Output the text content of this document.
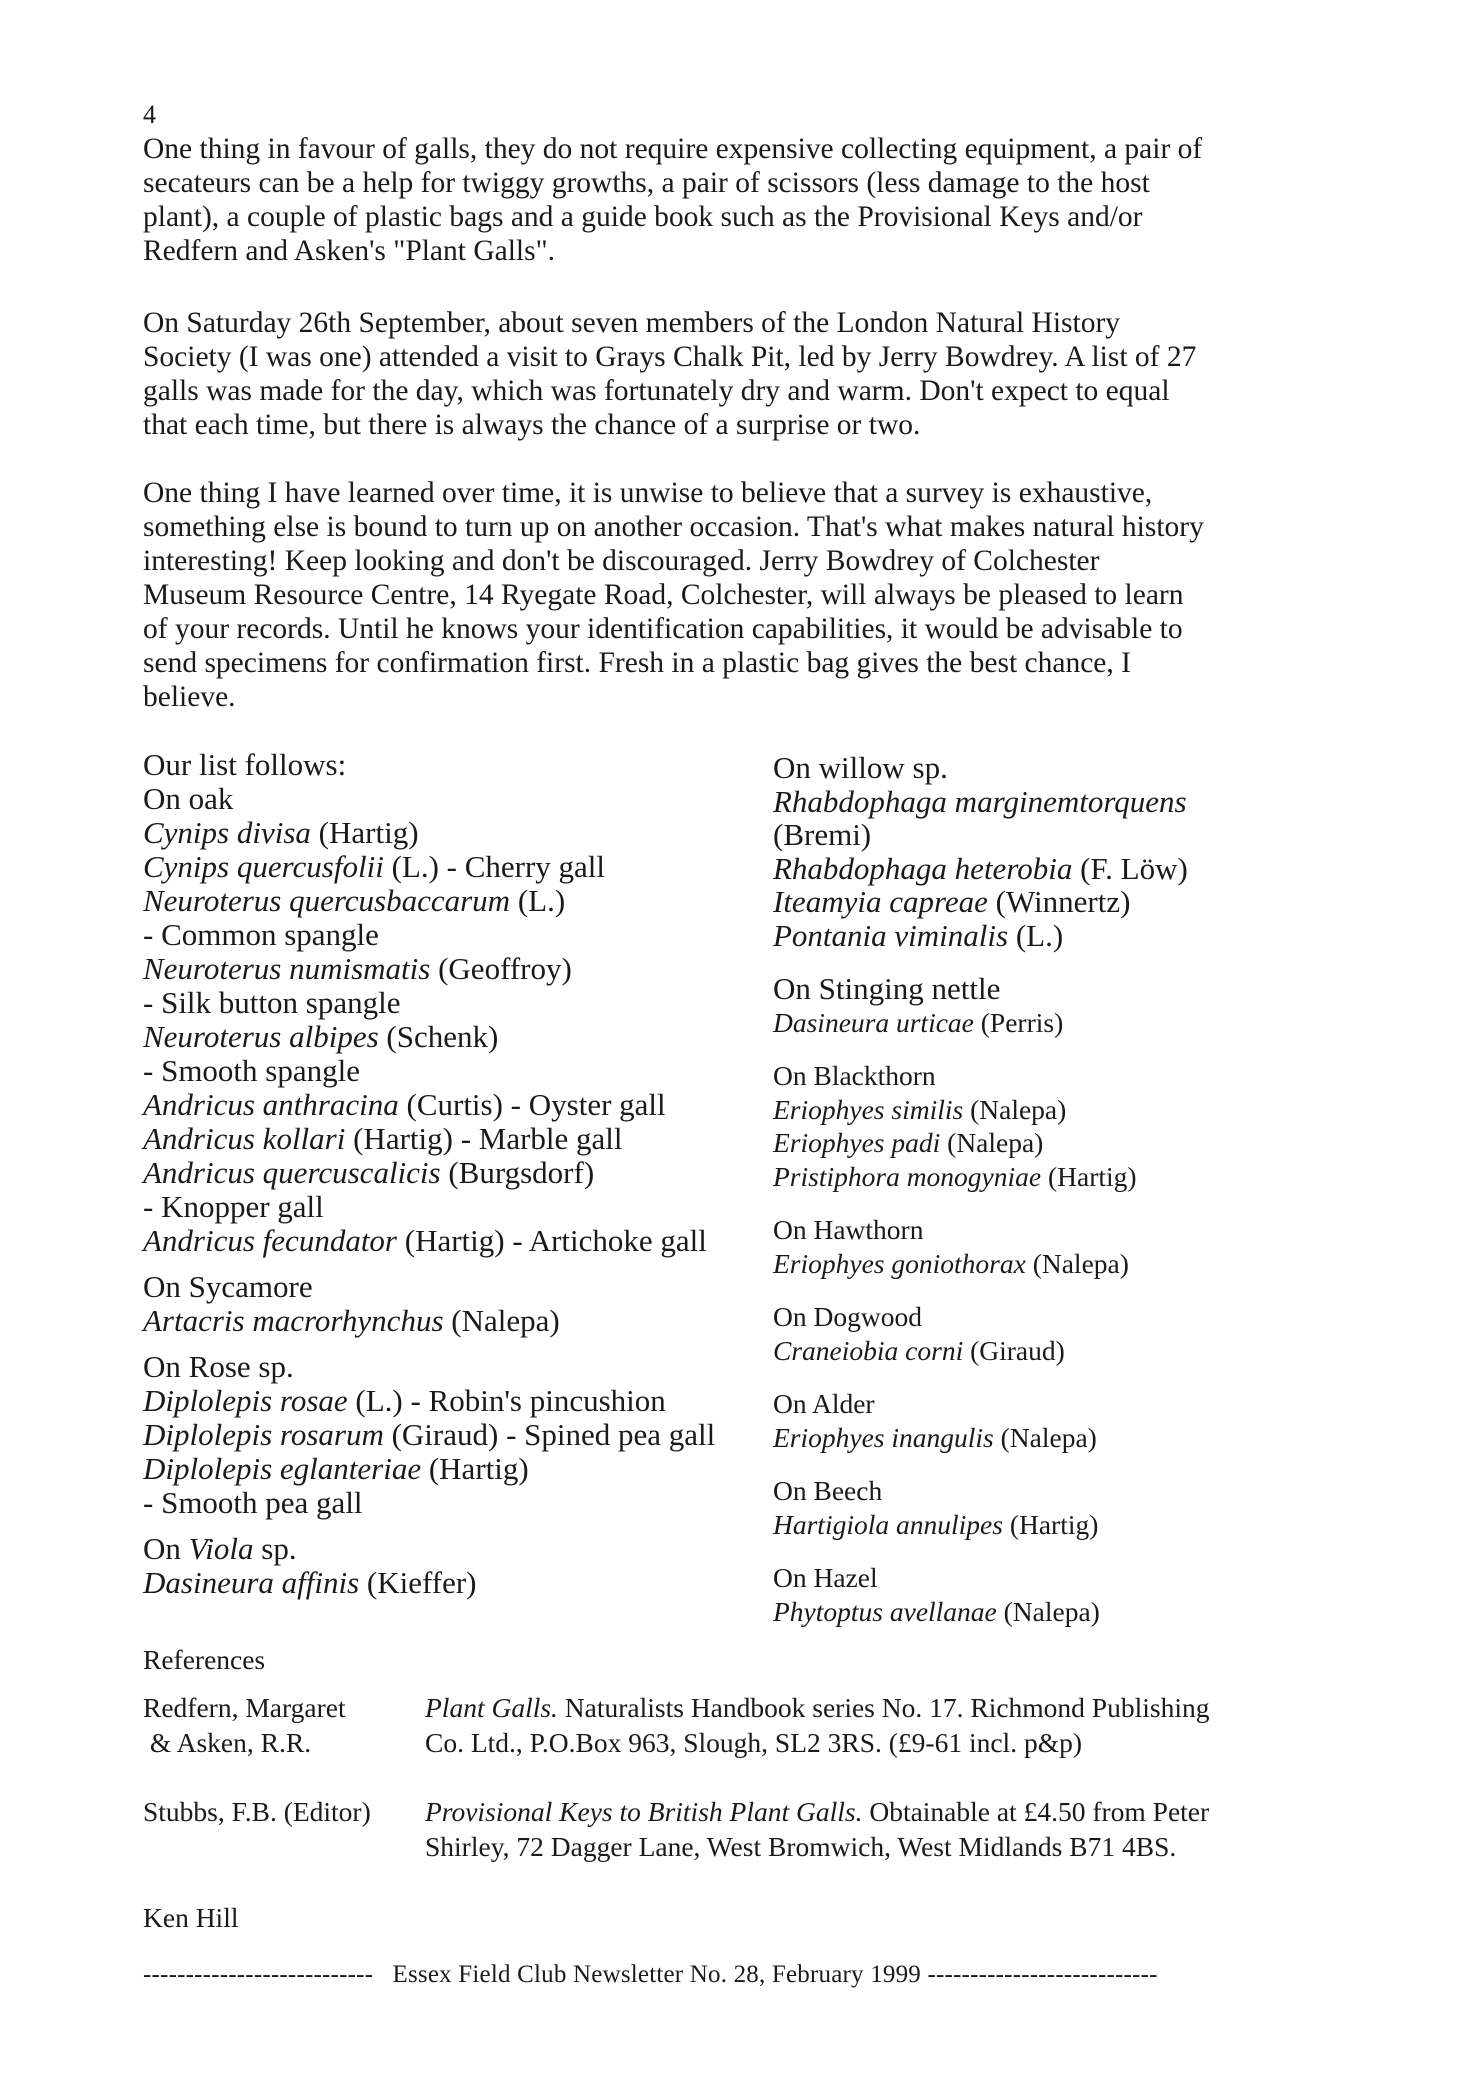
4
One thing in favour of galls, they do not require expensive collecting equipment, a pair of
secateurs can be a help for twiggy growths, a pair of scissors (less damage to the host
plant), a couple of plastic bags and a guide book such as the Provisional Keys and/or
Redfern and Asken's "Plant Galls".
On Saturday 26th September, about seven members of the London Natural History
Society (I was one) attended a visit to Grays Chalk Pit, led by Jerry Bowdrey. A list of 27
galls was made for the day, which was fortunately dry and warm. Don't expect to equal
that each time, but there is always the chance of a surprise or two.
One thing I have learned over time, it is unwise to believe that a survey is exhaustive,
something else is bound to turn up on another occasion. That's what makes natural history
interesting! Keep looking and don't be discouraged. Jerry Bowdrey of Colchester
Museum Resource Centre, 14 Ryegate Road, Colchester, will always be pleased to learn
of your records. Until he knows your identification capabilities, it would be advisable to
send specimens for confirmation first. Fresh in a plastic bag gives the best chance, I
believe.
Our list follows:
On oak
Cynips divisa (Hartig)
Cynips quercusfolii (L.) - Cherry gall
Neuroterus quercusbaccarum (L.)
- Common spangle
Neuroterus numismatis (Geoffroy)
- Silk button spangle
Neuroterus albipes (Schenk)
- Smooth spangle
Andricus anthracina (Curtis) - Oyster gall
Andricus kollari (Hartig) - Marble gall
Andricus quercuscalicis (Burgsdorf)
- Knopper gall
Andricus fecundator (Hartig) - Artichoke gall
On Sycamore
Artacris macrorhynchus (Nalepa)
On Rose sp.
Diplolepis rosae (L.) - Robin's pincushion
Diplolepis rosarum (Giraud) - Spined pea gall
Diplolepis eglanteriae (Hartig)
- Smooth pea gall
On Viola sp.
Dasineura affinis (Kieffer)
On willow sp.
Rhabdophaga marginemtorquens
(Bremi)
Rhabdophaga heterobia (F. Löw)
Iteamyia capreae (Winnertz)
Pontania viminalis (L.)
On Stinging nettle
Dasineura urticae (Perris)
On Blackthorn
Eriophyes similis (Nalepa)
Eriophyes padi (Nalepa)
Pristiphora monogyniae (Hartig)
On Hawthorn
Eriophyes goniothorax (Nalepa)
On Dogwood
Craneiobia corni (Giraud)
On Alder
Eriophyes inangulis (Nalepa)
On Beech
Hartigiola annulipes (Hartig)
On Hazel
Phytoptus avellanae (Nalepa)
References
Redfern, Margaret
& Asken, R.R.
Plant Galls. Naturalists Handbook series No. 17. Richmond Publishing
Co. Ltd., P.O.Box 963, Slough, SL2 3RS. (£9-61 incl. p&p)
Stubbs, F.B. (Editor) Provisional Keys to British Plant Galls. Obtainable at £4.50 from Peter
Shirley, 72 Dagger Lane, West Bromwich, West Midlands B71 4BS.
Ken Hill
---------------------------   Essex Field Club Newsletter No. 28, February 1999 ---------------------------
